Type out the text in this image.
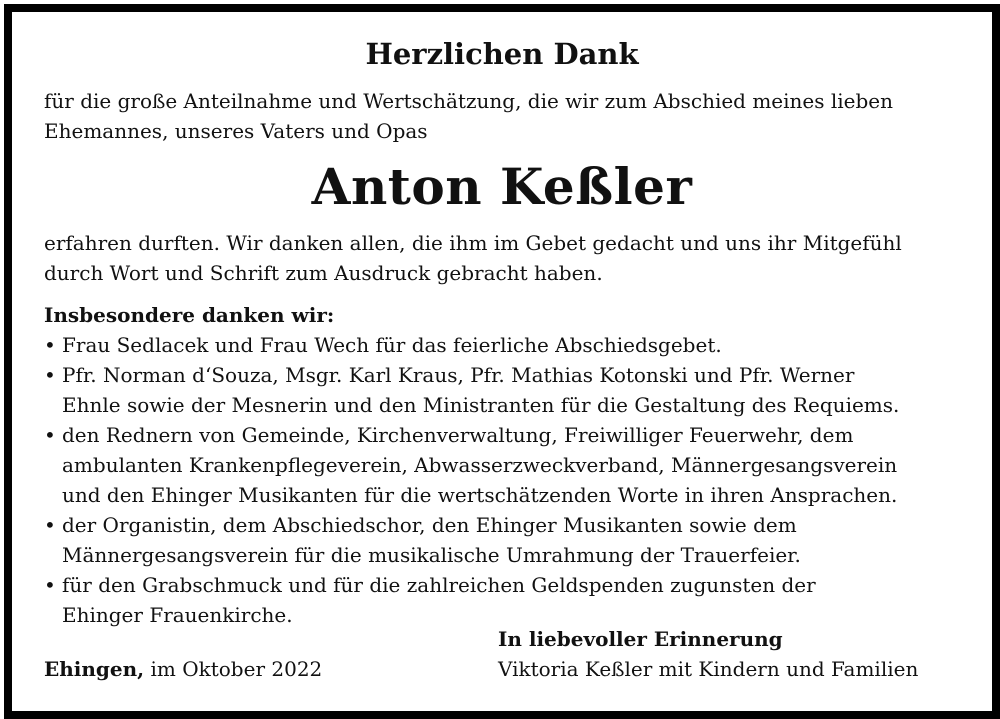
Herzlichen Dank

für die große Anteilnahme und Wertschätzung, die wir zum Abschied meines lieben
Ehemannes, unseres Vaters und Opas

Anton Keßler

erfahren durften. Wir danken allen, die ihm im Gebet gedacht und uns ihr Mitgefühl
durch Wort und Schrift zum Ausdruck gebracht haben.

Insbesondere danken wir:
• Frau Sedlacek und Frau Wech für das feierliche Abschiedsgebet.
• Pfr. Norman d‘Souza, Msgr. Karl Kraus, Pfr. Mathias Kotonski und Pfr. Werner
Ehnle sowie der Mesnerin und den Ministranten für die Gestaltung des Requiems.
• den Rednern von Gemeinde, Kirchenverwaltung, Freiwilliger Feuerwehr, dem
ambulanten Krankenpflegeverein, Abwasserzweckverband, Männergesangsverein
und den Ehinger Musikanten für die wertschätzenden Worte in ihren Ansprachen.
• der Organistin, dem Abschiedschor, den Ehinger Musikanten sowie dem
Männergesangsverein für die musikalische Umrahmung der Trauerfeier.
• für den Grabschmuck und für die zahlreichen Geldspenden zugunsten der
Ehinger Frauenkirche.
Ehingen, im Oktober 2022
In liebevoller Erinnerung
Viktoria Keßler mit Kindern und Familien
